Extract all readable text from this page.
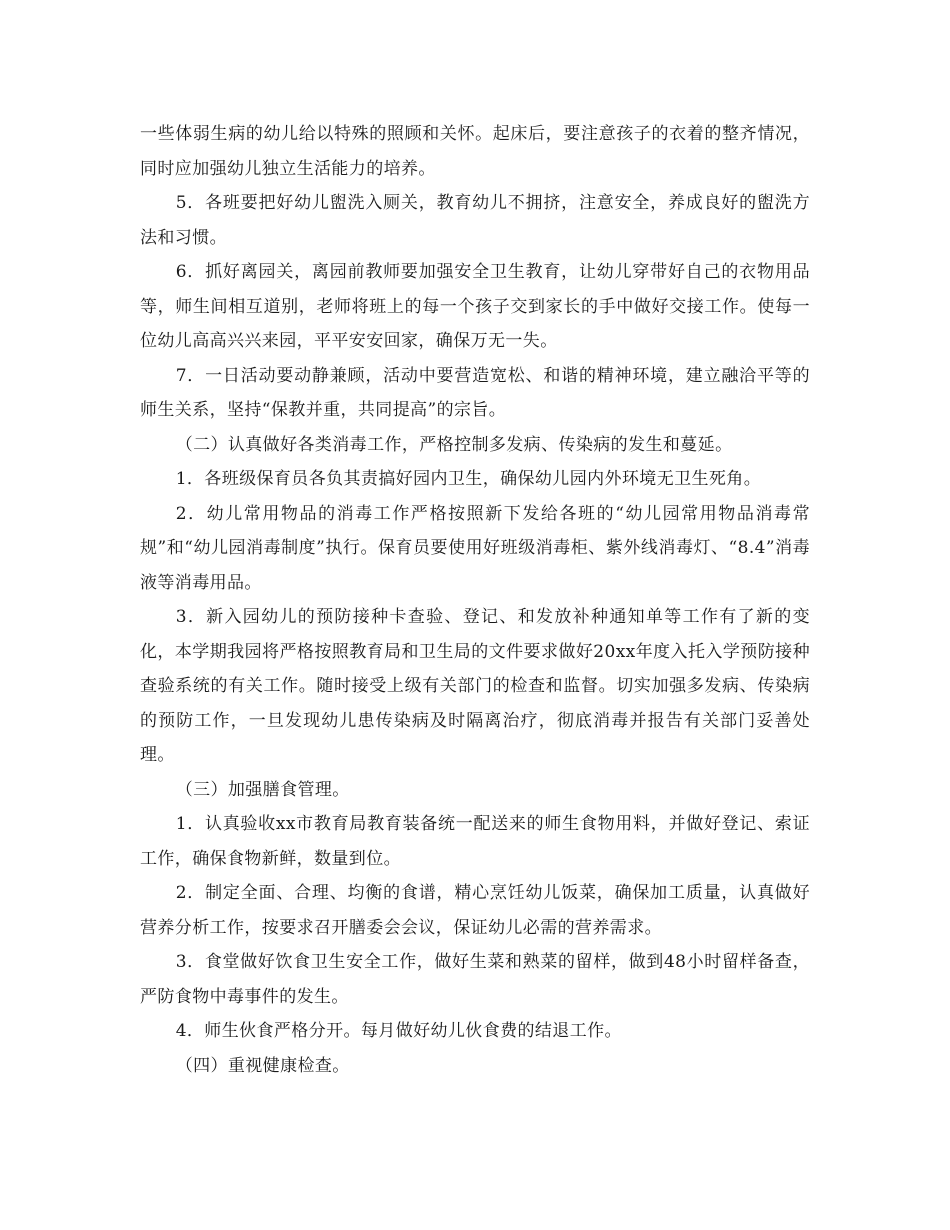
一些体弱生病的幼儿给以特殊的照顾和关怀。起床后，要注意孩子的衣着的整齐情况，同时应加强幼儿独立生活能力的培养。

5．各班要把好幼儿盥洗入厕关，教育幼儿不拥挤，注意安全，养成良好的盥洗方法和习惯。

6．抓好离园关，离园前教师要加强安全卫生教育，让幼儿穿带好自己的衣物用品等，师生间相互道别，老师将班上的每一个孩子交到家长的手中做好交接工作。使每一位幼儿高高兴兴来园，平平安安回家，确保万无一失。

7．一日活动要动静兼顾，活动中要营造宽松、和谐的精神环境，建立融洽平等的师生关系，坚持“保教并重，共同提高”的宗旨。

（二）认真做好各类消毒工作，严格控制多发病、传染病的发生和蔓延。

1．各班级保育员各负其责搞好园内卫生，确保幼儿园内外环境无卫生死角。

2．幼儿常用物品的消毒工作严格按照新下发给各班的“幼儿园常用物品消毒常规”和“幼儿园消毒制度”执行。保育员要使用好班级消毒柜、紫外线消毒灯、“8.4”消毒液等消毒用品。

3．新入园幼儿的预防接种卡查验、登记、和发放补种通知单等工作有了新的变化，本学期我园将严格按照教育局和卫生局的文件要求做好20xx年度入托入学预防接种查验系统的有关工作。随时接受上级有关部门的检查和监督。切实加强多发病、传染病的预防工作，一旦发现幼儿患传染病及时隔离治疗，彻底消毒并报告有关部门妥善处理。

（三）加强膳食管理。

1．认真验收xx市教育局教育装备统一配送来的师生食物用料，并做好登记、索证工作，确保食物新鲜，数量到位。

2．制定全面、合理、均衡的食谱，精心烹饪幼儿饭菜，确保加工质量，认真做好营养分析工作，按要求召开膳委会会议，保证幼儿必需的营养需求。

3．食堂做好饮食卫生安全工作，做好生菜和熟菜的留样，做到48小时留样备查，严防食物中毒事件的发生。

4．师生伙食严格分开。每月做好幼儿伙食费的结退工作。

（四）重视健康检查。
